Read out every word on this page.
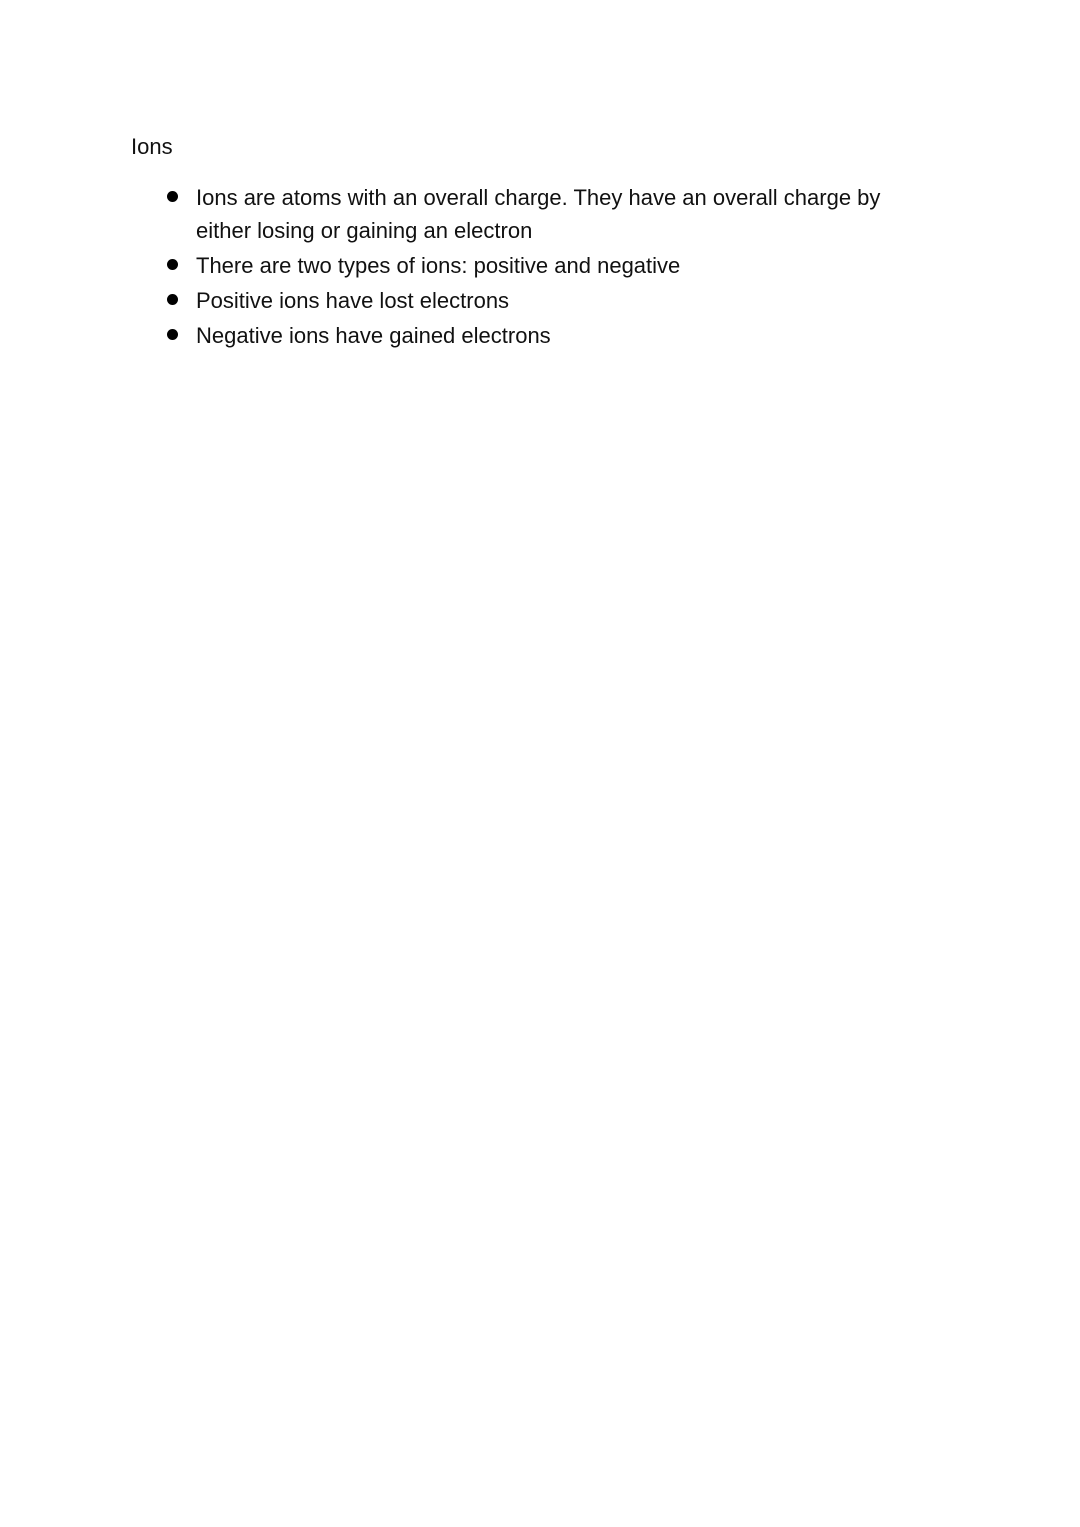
Ions
Ions are atoms with an overall charge. They have an overall charge by either losing or gaining an electron
There are two types of ions: positive and negative
Positive ions have lost electrons
Negative ions have gained electrons
